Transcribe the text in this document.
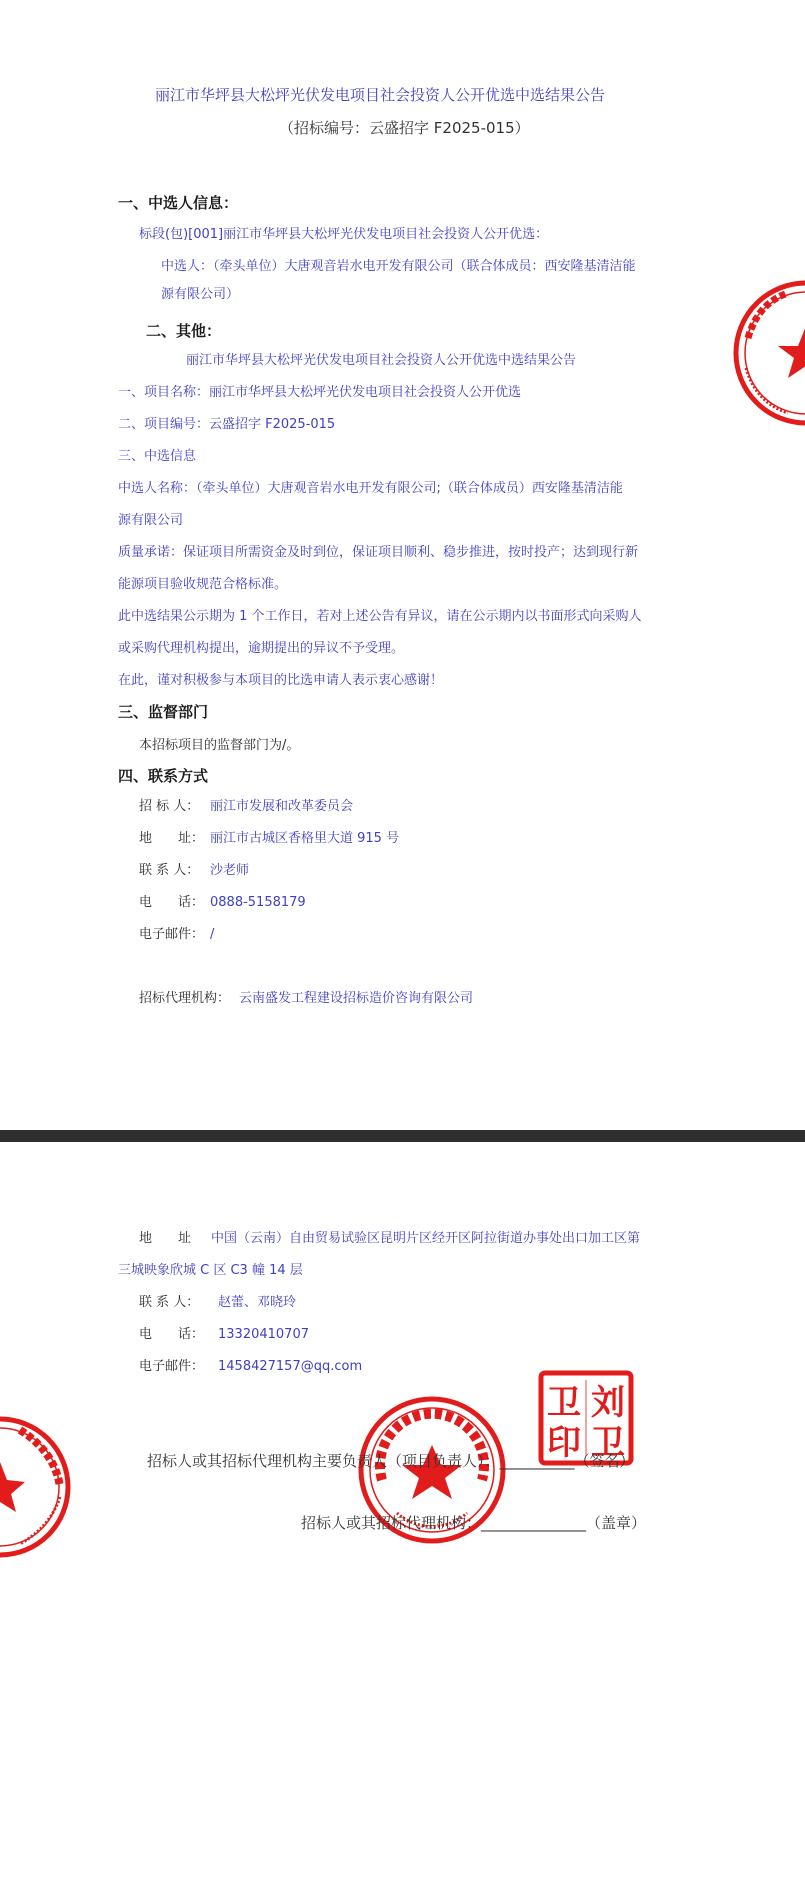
丽江市华坪县大松坪光伏发电项目社会投资人公开优选中选结果公告
（招标编号：云盛招字 F2025-015）
一、中选人信息：
标段(包)[001]丽江市华坪县大松坪光伏发电项目社会投资人公开优选：
中选人：（牵头单位）大唐观音岩水电开发有限公司（联合体成员：西安隆基清洁能
源有限公司）
二、其他：
丽江市华坪县大松坪光伏发电项目社会投资人公开优选中选结果公告
一、项目名称：丽江市华坪县大松坪光伏发电项目社会投资人公开优选
二、项目编号：云盛招字 F2025-015
三、中选信息
中选人名称：（牵头单位）大唐观音岩水电开发有限公司;（联合体成员）西安隆基清洁能
源有限公司
质量承诺：保证项目所需资金及时到位，保证项目顺利、稳步推进，按时投产；达到现行新
能源项目验收规范合格标准。
此中选结果公示期为 1 个工作日，若对上述公告有异议，请在公示期内以书面形式向采购人
或采购代理机构提出，逾期提出的异议不予受理。
在此，谨对积极参与本项目的比选申请人表示衷心感谢！
三、监督部门
本招标项目的监督部门为/。
四、联系方式
招 标 人： 丽江市发展和改革委员会
地　　址： 丽江市古城区香格里大道 915 号
联 系 人： 沙老师
电　　话： 0888-5158179
电子邮件： /
招标代理机构： 云南盛发工程建设招标造价咨询有限公司
地　　址 中国（云南）自由贸易试验区昆明片区经开区阿拉街道办事处出口加工区第
三城映象欣城 C 区 C3 幢 14 层
联 系 人： 赵蕾、邓晓玲
电　　话： 13320410707
电子邮件： 1458427157@qq.com
卫 刘
印 卫
招标人或其招标代理机构主要负责人（项目负责人）：__________（签名）
招标人或其招标代理机构：______________（盖章）
